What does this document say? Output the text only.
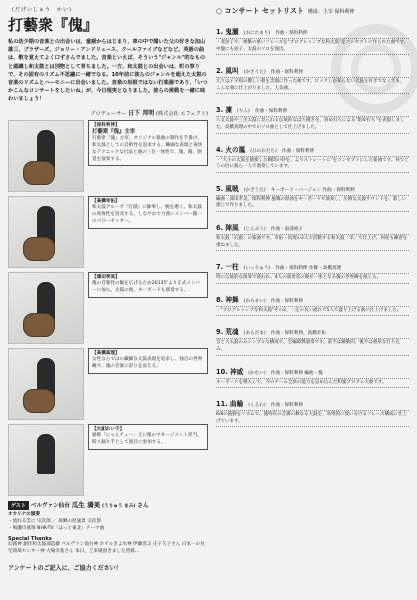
(だげいしゅう　かい)
打藝衆『傀』
私の幼少期の音楽との出会いは、童謡からはじまり、車の中で聞いた父の好きな加山雄三、ブラザーズ、ジョリー・アンドリュース、クールファイブなどなど。英語の曲は、歌を覚えてよく口ずさんでました。音楽といえば、そういう"ジャンル"的なものと認識し和太鼓とは別物として育ちました。一方、和太鼓との出会いは、町の祭りで、その固有のリズム不思議に一緒でなる。10年前に彼らのジャンルを超えた太鼓の音楽のリズムとハーモニーに出会いました。音楽の垣根ではない打楽器であり、「いつかこんなコンサートをしたいね」が、今日現実となりました。彼らの挑戦を一緒に味わいましょう！
プロデューサー 日下 邦明 (株式会社 エフェクト)
【保科利伸】
打藝衆『傀』主宰
打藝衆『傀』主宰。オリジナル楽曲の制作を手掛け、和太鼓としての芸術性を追求する。繊細な表現と豪快なテクニックな打法と曲の三位一体性で、傀、陽、勘覚を演奏する。
【高橋幸佑】
和太鼓グループ『打創』に師事し、腕を磨く。和太鼓の肉体性を追及する、しなやかで力強いメンバー随一のパワーセッター。
【澤田孝美】
傀の音楽性の幅を広げるため2013年より正式メンバーに加入。太鼓の他、キーボードも演奏する。
【高橋真理】
女性ならではの繊細な太鼓表現を追求し、独自の世界観で、傀の音楽に彩りを添える。
【大釦れい子】
通称「にゃんチュー」主に傀のマネージメント担当。時々踊り手として演目に参加する。
ゲスト ベルヴァン仙台 瓜生 満美 (うりゅう まみ) さん
オカリナの演奏
・流れる雲に 宗次郎 ／ 故郷の原風景 宗次郎
・鳴瀬川慕情 NHK-TV「ほっと東北」テーマ曲
Special Thanks
幻創神 創作和太鼓部造藤 ベルヴァン仙台神 ホテルきよ水神 伊藤淳ぶ 庄子久子さん 日本一の住宅環境センター神 大場幸基さん 本日、ご来場頂きました皆様…
アンケートのご記入に、ご協力ください！
○ コンサート セットリスト 構成：主宰 保科利伸
1. 鬼瀬 (おにたまり) 作曲・保科利伸
・変拍子や、複雑の重いフレーズを"プログレッシブな和太鼓"をコンセプトに作られた曲です。中盤にも拍子、太鼓のソロを演出。
2. 風叫 (かざうた) 作曲・保科利伸
元々は子守唄の優しい歌を念頭に作った曲です。ロックしか知らない太鼓を好きでなくても、こんな曲に仕上がりました。人気曲。
3. 凜 (りん) 作曲・保科利伸
八丈太鼓や三宅太鼓に見られる伝統的なばち捌きを、斜め打ちによる"影絵打ち"を表現しました。高橋真理の中でのソロ曲として仕上げました。
4. 火の鳳 (ひのおだち) 作曲・保科利伸
・"大小の太鼓を駆使した瞬間の妙を、よりストレートに"をコンセプトにした楽曲です。何でどうの位に彼ら一人で演奏しています。
5. 風戦 (かざうた) キーボード・バージョン 作曲・保科利伸
編曲・澤田孝美、保科利伸 風戦の原曲をキーボードで演奏し、圧倒な太鼓サウンドを、新しい感じで作りました。
6. 陣風 (じんぷう) 作曲・南部裕子
和太鼓「幻創」の楽曲です。幸佑・真理の2人で活動する和太鼓「幸」で仕上げ、何度も練習を重ねました。
7. 一柱 (いっちゅう) 作曲・保科利伸 作舞・高橋真理
特に伝統的な演奏で使われ、4人の演奏者の舞が一体となる傀の世界観を演じる。
8. 神舞 (かみまい) 作曲・保科利伸
・"プログレッシブな和太鼓"その2。一定の長い流れで5人で盛り上げる曲に仕上げました。
9. 荒魂 (あらだま) 作曲・保科利伸、高橋幸佑
音と大太鼓のみシンプルな構成で、全編即興演奏です。前半は躍動的、後半は重厚な打ち込み。
10. 神威 (かむい) 作曲・保科利伸 編曲・傀
キーボードを導入して、今のチーム全員の能力を詰め込んだ和風プログレ大曲です。
11. 曲輪 (くるわ) 作曲・保科利伸
6/8の鼓動をリズムで、傀特有の音調の舞なる大鼓を、効果的に使い分けるフレーズ構成に仕上げています。
